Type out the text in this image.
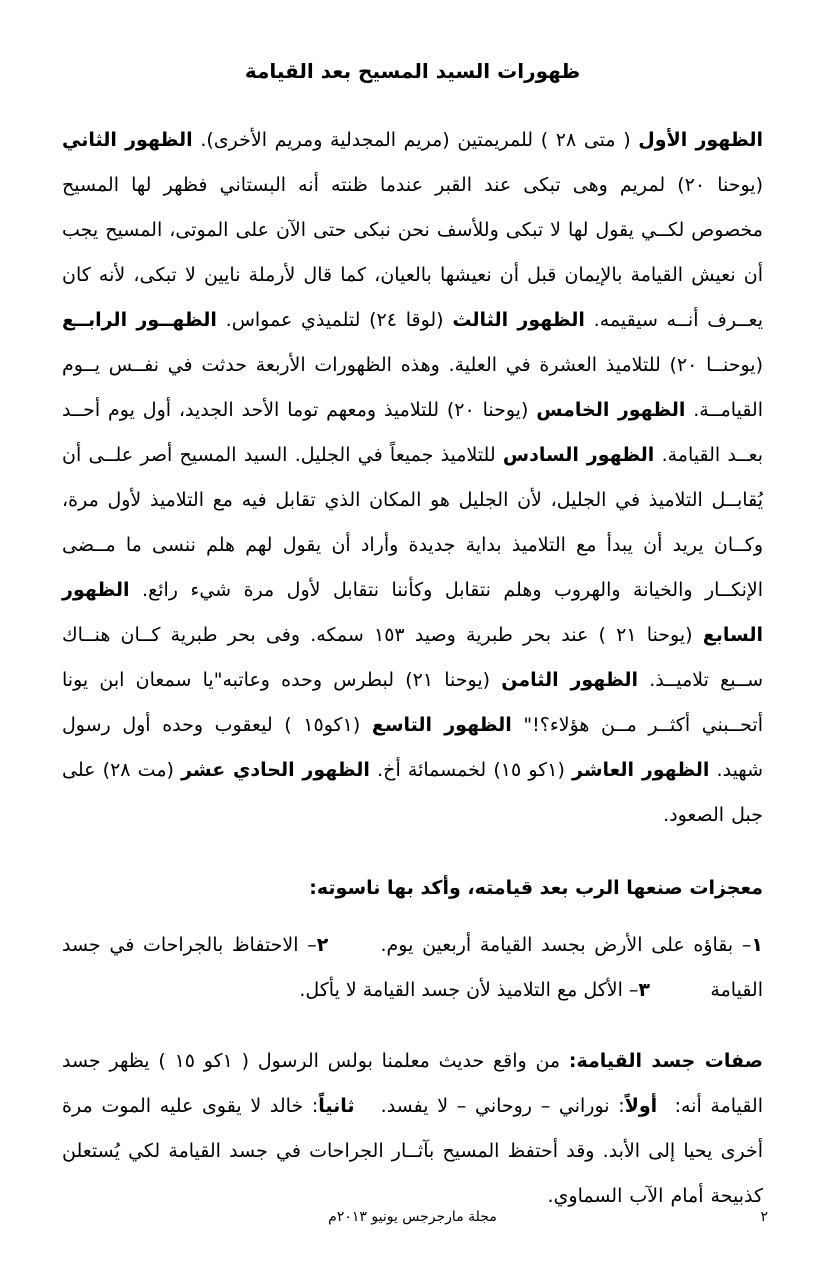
ظهورات السيد المسيح بعد القيامة

الظهور الأول ( متى ٢٨ ) للمريمتين (مريم المجدلية ومريم الأخرى). الظهور الثاني (يوحنا ٢٠) لمريم وهى تبكى عند القبر عندما ظنته أنه البستاني فظهر لها المسيح مخصوص لكــي يقول لها لا تبكى وللأسف نحن نبكى حتى الآن على الموتى، المسيح يجب أن نعيش القيامة بالإيمان قبل أن نعيشها بالعيان، كما قال لأرملة نايين لا تبكى، لأنه كان يعــرف أنــه سيقيمه. الظهور الثالث (لوقا ٢٤) لتلميذي عمواس. الظهــور الرابــع (يوحنــا ٢٠) للتلاميذ العشرة في العلية. وهذه الظهورات الأربعة حدثت في نفــس يــوم القيامــة. الظهور الخامس (يوحنا ٢٠) للتلاميذ ومعهم توما الأحد الجديد، أول يوم أحــد بعــد القيامة. الظهور السادس للتلاميذ جميعاً في الجليل. السيد المسيح أصر علــى أن يُقابــل التلاميذ في الجليل، لأن الجليل هو المكان الذي تقابل فيه مع التلاميذ لأول مرة، وكــان يريد أن يبدأ مع التلاميذ بداية جديدة وأراد أن يقول لهم هلم ننسى ما مــضى الإنكــار والخيانة والهروب وهلم نتقابل وكأننا نتقابل لأول مرة شيء رائع. الظهور السابع (يوحنا ٢١ ) عند بحر طبرية وصيد ١٥٣ سمكه. وفى بحر طبرية كــان هنــاك ســبع تلاميــذ. الظهور الثامن (يوحنا ٢١) لبطرس وحده وعاتبه"يا سمعان ابن يونا أتحــبني أكثــر مــن هؤلاء؟!" الظهور التاسع (١كو١٥ ) ليعقوب وحده أول رسول شهيد. الظهور العاشر (١كو ١٥) لخمسمائة أخ. الظهور الحادي عشر (مت ٢٨) على جبل الصعود.

معجزات صنعها الرب بعد قيامته، وأكد بها ناسوته:

١– بقاؤه على الأرض بجسد القيامة أربعين يوم.      ٢– الاحتفاظ بالجراحات في جسد

القيامة          ٣– الأكل مع التلاميذ لأن جسد القيامة لا يأكل.

صفات جسد القيامة: من واقع حديث معلمنا بولس الرسول ( ١كو ١٥ ) يظهر جسد القيامة أنه:  أولاً: نوراني – روحاني – لا يفسد.   ثانياً: خالد لا يقوى عليه الموت مرة أخرى يحيا إلى الأبد. وقد أحتفظ المسيح بآثــار الجراحات في جسد القيامة لكي يُستعلن كذبيحة أمام الآب السماوي.

مجلة مارجرجس يونيو ٢٠١٣م	٢
